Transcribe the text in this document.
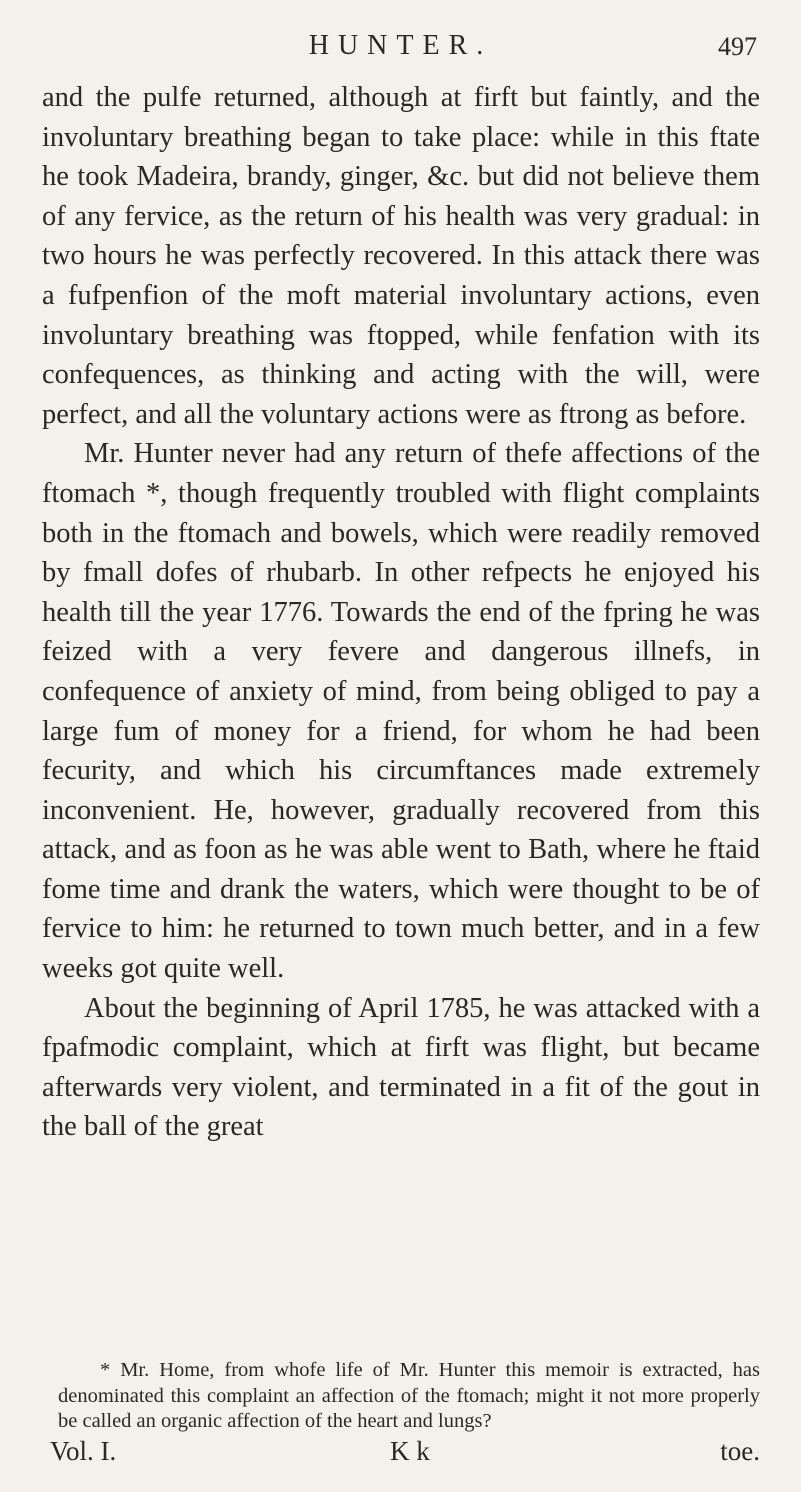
HUNTER.	497

and the pulfe returned, although at firft but faintly, and the involuntary breathing began to take place: while in this ftate he took Madeira, brandy, ginger, &c. but did not believe them of any fervice, as the return of his health was very gradual: in two hours he was perfectly recovered. In this attack there was a fufpenfion of the moft material involuntary actions, even involuntary breathing was ftopped, while fenfation with its confequences, as thinking and acting with the will, were perfect, and all the voluntary actions were as ftrong as before.

Mr. Hunter never had any return of thefe affections of the ftomach *, though frequently troubled with flight complaints both in the ftomach and bowels, which were readily removed by fmall dofes of rhubarb. In other refpects he enjoyed his health till the year 1776. Towards the end of the fpring he was feized with a very fevere and dangerous illnefs, in confequence of anxiety of mind, from being obliged to pay a large fum of money for a friend, for whom he had been fecurity, and which his circumftances made extremely inconvenient. He, however, gradually recovered from this attack, and as foon as he was able went to Bath, where he ftaid fome time and drank the waters, which were thought to be of fervice to him: he returned to town much better, and in a few weeks got quite well.

About the beginning of April 1785, he was attacked with a fpafmodic complaint, which at firft was flight, but became afterwards very violent, and terminated in a fit of the gout in the ball of the great

* Mr. Home, from whofe life of Mr. Hunter this memoir is extracted, has denominated this complaint an affection of the ftomach; might it not more properly be called an organic affection of the heart and lungs?

Vol. I.	K k	toe.
